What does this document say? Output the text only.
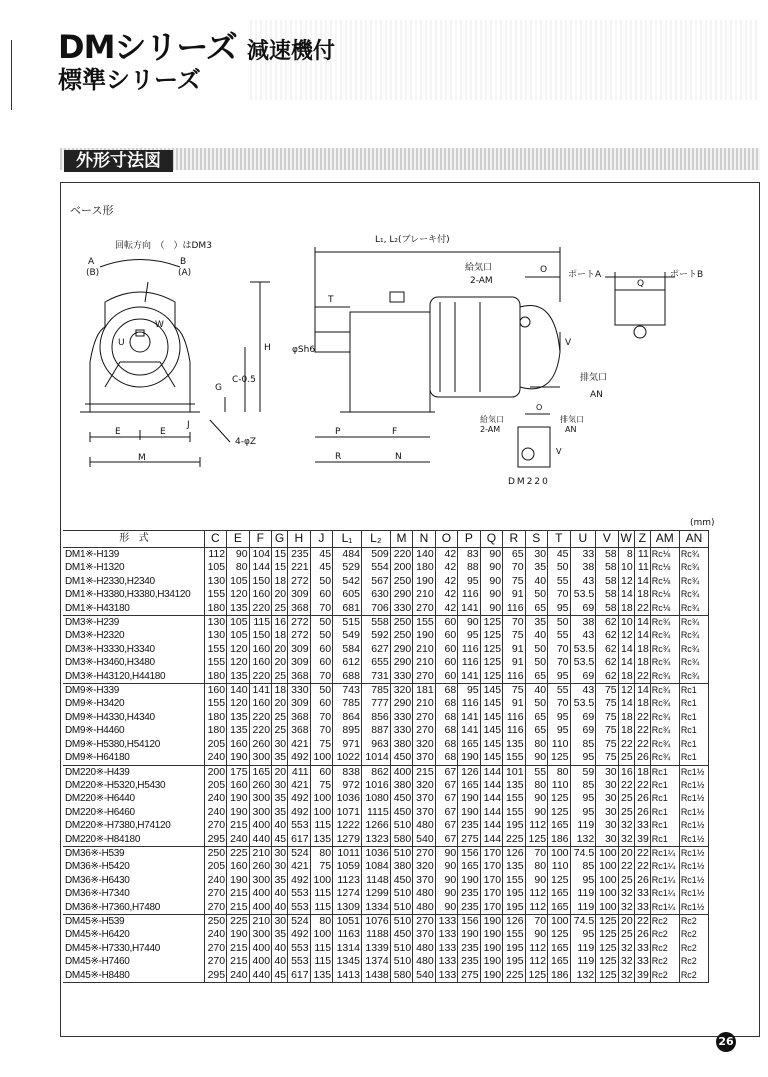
DMシリーズ 減速機付
標準シリーズ
外形寸法図
ベース形
回転方向　（　）はDM3
A	B
(B)	(A)
L₁, L₂(ブレーキ付)
給気口
2-AM
O ポートA	ポートB
Q
排気口
AN
T
φSh6
V
W
U	H
C-0.5
G
4-φZ
J
E	E
M
P	F
R	N
給気口
2-AM
O
排気口
AN
V
DM220
(mm)
形　式	C	E	F	G	H	J	L₁	L₂	M	N	O	P	Q	R	S	T	U	V	W	Z	AM	AN
DM1※-H139	112	90	104	15	235	45	484	509	220	140	42	83	90	65	30	45	33	58	8	11	Rc⅛	Rc¾
DM1※-H1320	105	80	144	15	221	45	529	554	200	180	42	88	90	70	35	50	38	58	10	11	Rc⅛	Rc¾
DM1※-H2330,H2340	130	105	150	18	272	50	542	567	250	190	42	95	90	75	40	55	43	58	12	14	Rc⅛	Rc¾
DM1※-H3380,H3380,H34120	155	120	160	20	309	60	605	630	290	210	42	116	90	91	50	70	53.5	58	14	18	Rc⅛	Rc¾
DM1※-H43180	180	135	220	25	368	70	681	706	330	270	42	141	90	116	65	95	69	58	18	22	Rc⅛	Rc¾
DM3※-H239	130	105	115	16	272	50	515	558	250	155	60	90	125	70	35	50	38	62	10	14	Rc¾	Rc¾
DM3※-H2320	130	105	150	18	272	50	549	592	250	190	60	95	125	75	40	55	43	62	12	14	Rc¾	Rc¾
DM3※-H3330,H3340	155	120	160	20	309	60	584	627	290	210	60	116	125	91	50	70	53.5	62	14	18	Rc¾	Rc¾
DM3※-H3460,H3480	155	120	160	20	309	60	612	655	290	210	60	116	125	91	50	70	53.5	62	14	18	Rc¾	Rc¾
DM3※-H43120,H44180	180	135	220	25	368	70	688	731	330	270	60	141	125	116	65	95	69	62	18	22	Rc¾	Rc¾
DM9※-H339	160	140	141	18	330	50	743	785	320	181	68	95	145	75	40	55	43	75	12	14	Rc¾	Rc1
DM9※-H3420	155	120	160	20	309	60	785	777	290	210	68	116	145	91	50	70	53.5	75	14	18	Rc¾	Rc1
DM9※-H4330,H4340	180	135	220	25	368	70	864	856	330	270	68	141	145	116	65	95	69	75	18	22	Rc¾	Rc1
DM9※-H4460	180	135	220	25	368	70	895	887	330	270	68	141	145	116	65	95	69	75	18	22	Rc¾	Rc1
DM9※-H5380,H54120	205	160	260	30	421	75	971	963	380	320	68	165	145	135	80	110	85	75	22	22	Rc¾	Rc1
DM9※-H64180	240	190	300	35	492	100	1022	1014	450	370	68	190	145	155	90	125	95	75	25	26	Rc¾	Rc1
DM220※-H439	200	175	165	20	411	60	838	862	400	215	67	126	144	101	55	80	59	30	16	18	Rc1	Rc1½
DM220※-H5320,H5430	205	160	260	30	421	75	972	1016	380	320	67	165	144	135	80	110	85	30	22	22	Rc1	Rc1½
DM220※-H6440	240	190	300	35	492	100	1036	1080	450	370	67	190	144	155	90	125	95	30	25	26	Rc1	Rc1½
DM220※-H6460	240	190	300	35	492	100	1071	1115	450	370	67	190	144	155	90	125	95	30	25	26	Rc1	Rc1½
DM220※-H7380,H74120	270	215	400	40	553	115	1222	1266	510	480	67	235	144	195	112	165	119	30	32	33	Rc1	Rc1½
DM220※-H84180	295	240	440	45	617	135	1279	1323	580	540	67	275	144	225	125	186	132	30	32	39	Rc1	Rc1½
DM36※-H539	250	225	210	30	524	80	1011	1036	510	270	90	156	170	126	70	100	74.5	100	20	22	Rc1¼	Rc1½
DM36※-H5420	205	160	260	30	421	75	1059	1084	380	320	90	165	170	135	80	110	85	100	22	22	Rc1¼	Rc1½
DM36※-H6430	240	190	300	35	492	100	1123	1148	450	370	90	190	170	155	90	125	95	100	25	26	Rc1¼	Rc1½
DM36※-H7340	270	215	400	40	553	115	1274	1299	510	480	90	235	170	195	112	165	119	100	32	33	Rc1¼	Rc1½
DM36※-H7360,H7480	270	215	400	40	553	115	1309	1334	510	480	90	235	170	195	112	165	119	100	32	33	Rc1¼	Rc1½
DM45※-H539	250	225	210	30	524	80	1051	1076	510	270	133	156	190	126	70	100	74.5	125	20	22	Rc2	Rc2
DM45※-H6420	240	190	300	35	492	100	1163	1188	450	370	133	190	190	155	90	125	95	125	25	26	Rc2	Rc2
DM45※-H7330,H7440	270	215	400	40	553	115	1314	1339	510	480	133	235	190	195	112	165	119	125	32	33	Rc2	Rc2
DM45※-H7460	270	215	400	40	553	115	1345	1374	510	480	133	235	190	195	112	165	119	125	32	33	Rc2	Rc2
DM45※-H8480	295	240	440	45	617	135	1413	1438	580	540	133	275	190	225	125	186	132	125	32	39	Rc2	Rc2
26
